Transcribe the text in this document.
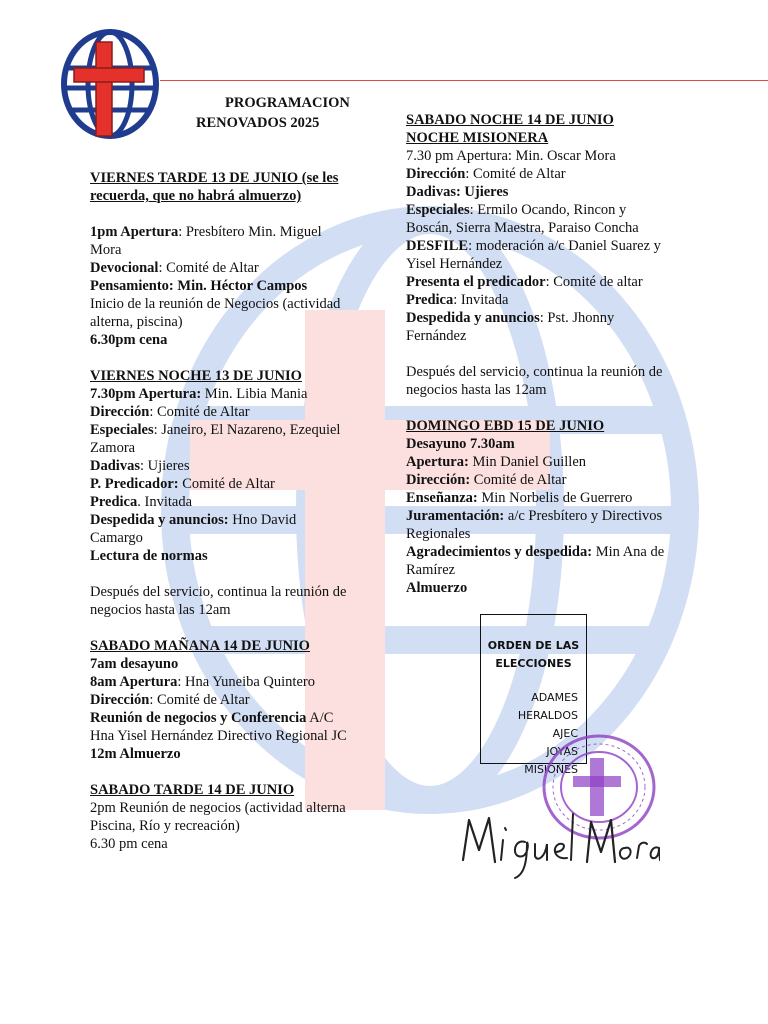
PROGRAMACION
RENOVADOS 2025

VIERNES TARDE 13 DE JUNIO (se les

recuerda, que no habrá almuerzo)

1pm Apertura: Presbítero Min. Miguel

Mora

Devocional: Comité de Altar

Pensamiento: Min. Héctor Campos

Inicio de la reunión de Negocios (actividad

alterna, piscina)

6.30pm cena

VIERNES NOCHE 13 DE JUNIO

7.30pm Apertura: Min. Libia Mania

Dirección: Comité de Altar

Especiales: Janeiro, El Nazareno, Ezequiel

Zamora

Dadivas: Ujieres

P. Predicador: Comité de Altar

Predica. Invitada

Despedida y anuncios: Hno David

Camargo

Lectura de normas

Después del servicio, continua la reunión de

negocios hasta las 12am

SABADO MAÑANA 14 DE JUNIO

7am desayuno

8am Apertura: Hna Yuneiba Quintero

Dirección: Comité de Altar

Reunión de negocios y Conferencia A/C

Hna Yisel Hernández Directivo Regional JC

12m Almuerzo

SABADO TARDE 14 DE JUNIO

2pm Reunión de negocios (actividad alterna

Piscina, Río y recreación)

6.30 pm cena

SABADO NOCHE 14 DE JUNIO

NOCHE MISIONERA

7.30 pm Apertura: Min. Oscar Mora

Dirección: Comité de Altar

Dadivas: Ujieres

Especiales: Ermilo Ocando, Rincon y

Boscán, Sierra Maestra, Paraiso Concha

DESFILE: moderación a/c Daniel Suarez y

Yisel Hernández

Presenta el predicador: Comité de altar

Predica: Invitada

Despedida y anuncios: Pst. Jhonny

Fernández

Después del servicio, continua la reunión de

negocios hasta las 12am

DOMINGO EBD 15 DE JUNIO

Desayuno 7.30am

Apertura: Min Daniel Guillen

Dirección: Comité de Altar

Enseñanza: Min Norbelis de Guerrero

Juramentación: a/c Presbítero y Directivos

Regionales

Agradecimientos y despedida: Min Ana de

Ramírez

Almuerzo

ORDEN DE LAS
ELECCIONES
ADAMES
HERALDOS
AJEC
JOYAS
MISIONES
